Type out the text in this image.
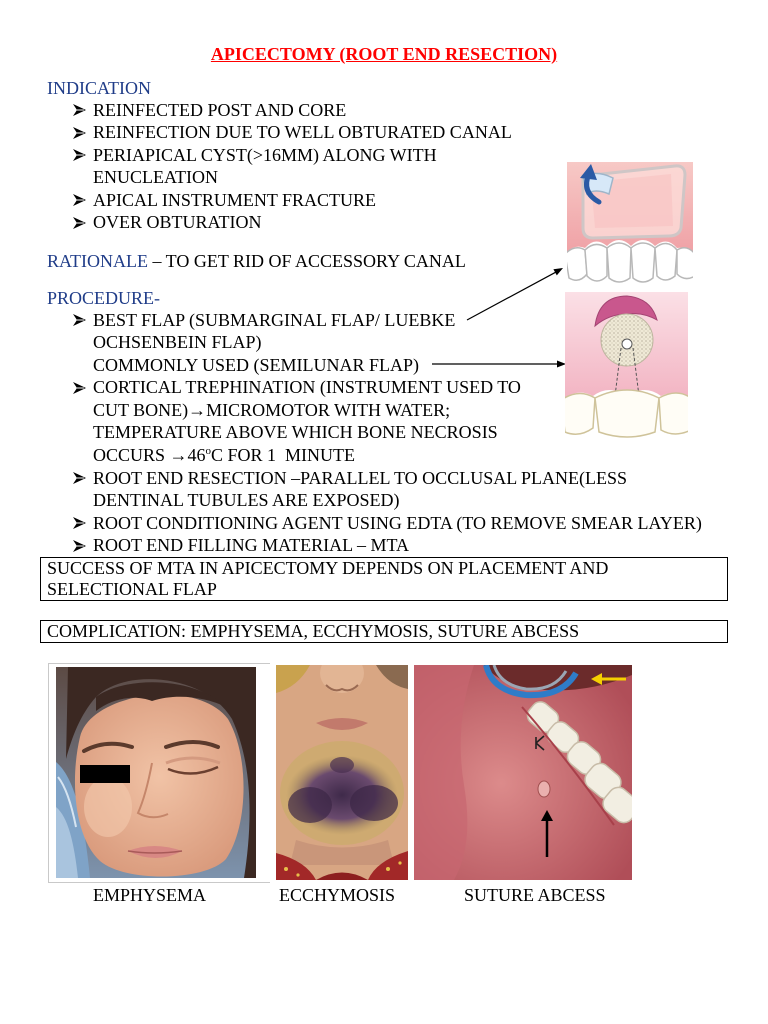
APICECTOMY (ROOT END RESECTION)
INDICATION
REINFECTED POST AND CORE
REINFECTION DUE TO WELL OBTURATED CANAL
PERIAPICAL CYST(>16MM) ALONG WITH
ENUCLEATION
APICAL INSTRUMENT FRACTURE
OVER OBTURATION
RATIONALE – TO GET RID OF ACCESSORY CANAL
PROCEDURE-
BEST FLAP (SUBMARGINAL FLAP/ LUEBKE
OCHSENBEIN FLAP)
COMMONLY USED (SEMILUNAR FLAP)
CORTICAL TREPHINATION (INSTRUMENT USED TO
CUT BONE)→MICROMOTOR WITH WATER;
TEMPERATURE ABOVE WHICH BONE NECROSIS
OCCURS $\to 46^oC$ FOR 1  MINUTE
ROOT END RESECTION –PARALLEL TO OCCLUSAL PLANE(LESS
DENTINAL TUBULES ARE EXPOSED)
ROOT CONDITIONING AGENT USING EDTA (TO REMOVE SMEAR LAYER)
ROOT END FILLING MATERIAL – MTA
SUCCESS OF MTA IN APICECTOMY DEPENDS ON PLACEMENT AND
SELECTIONAL FLAP
COMPLICATION: EMPHYSEMA, ECCHYMOSIS, SUTURE ABCESS
EMPHYSEMA	ECCHYMOSIS	SUTURE ABCESS
